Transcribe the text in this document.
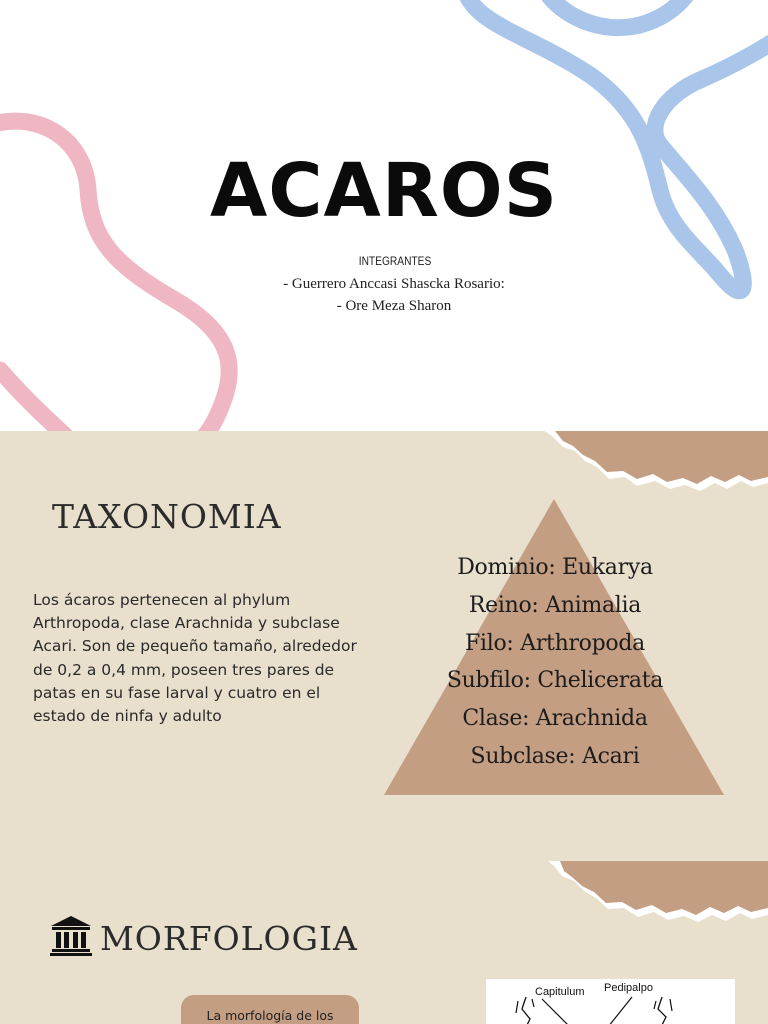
ACAROS
INTEGRANTES
- Guerrero Anccasi Shascka Rosario:
- Ore Meza Sharon
TAXONOMIA

Los ácaros pertenecen al phylum Arthropoda, clase Arachnida y subclase Acari. Son de pequeño tamaño, alrededor de 0,2 a 0,4 mm, poseen tres pares de patas en su fase larval y cuatro en el estado de ninfa y adulto

Dominio: Eukarya
Reino: Animalia
Filo: Arthropoda
Subfilo: Chelicerata
Clase: Arachnida
Subclase: Acari
MORFOLOGIA
La morfología de los
Capitulum Pedipalpo
